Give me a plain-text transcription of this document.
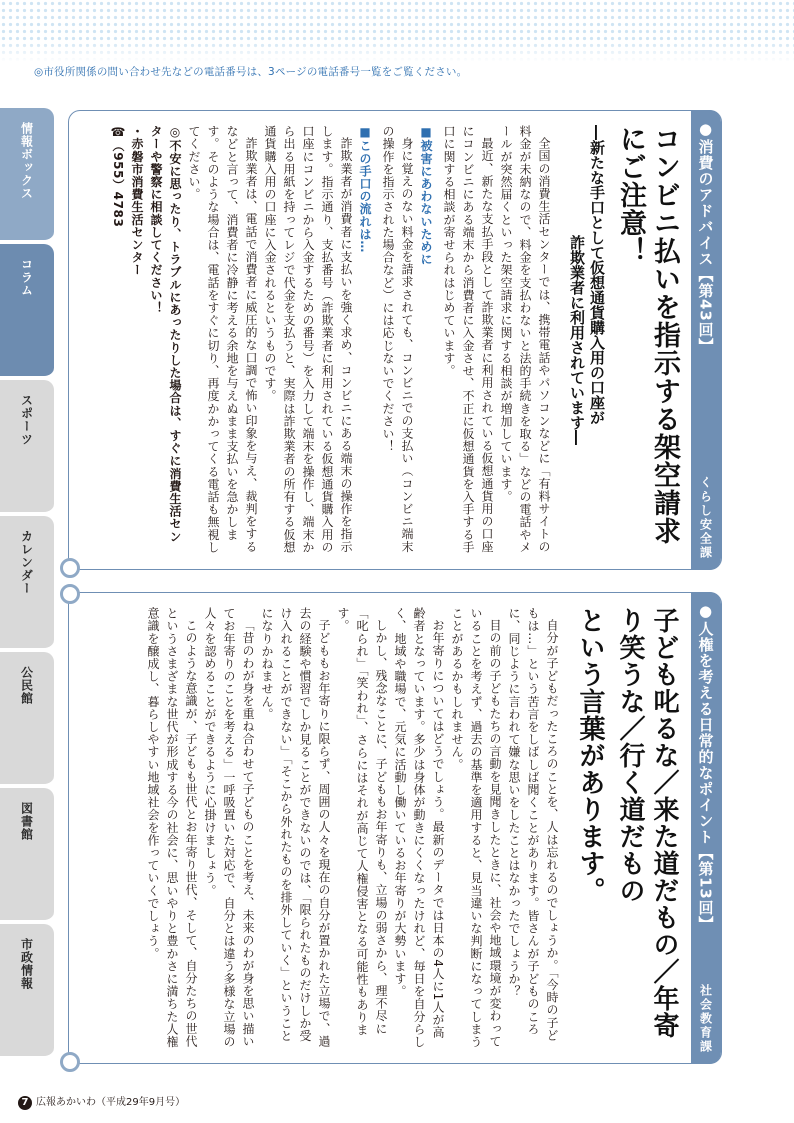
◎市役所関係の問い合わせ先などの電話番号は、3ページの電話番号一覧をご覧ください。
情報ボックス
コラム
スポーツ
カレンダー
公民館
図書館
市政情報
●消費のアドバイス【第43回】
くらし安全課
コンビニ払いを指示する架空請求にご注意！
―新たな手口として仮想通貨購入用の口座が
詐欺業者に利用されています―

全国の消費生活センターでは、携帯電話やパソコンなどに「有料サイトの料金が未納なので、料金を支払わないと法的手続きを取る」などの電話やメールが突然届くといった架空請求に関する相談が増加しています。

最近、新たな支払手段として詐欺業者に利用されている仮想通貨用の口座にコンビニにある端末から消費者に入金させ、不正に仮想通貨を入手する手口に関する相談が寄せられはじめています。

■被害にあわないために

身に覚えのない料金を請求されても、コンビニでの支払い（コンビニ端末の操作を指示された場合など）には応じないでください！

■この手口の流れは…

詐欺業者が消費者に支払いを強く求め、コンビニにある端末の操作を指示します。指示通り、支払番号（詐欺業者に利用されている仮想通貨購入用の口座にコンビニから入金するための番号）を入力して端末を操作し、端末から出る用紙を持ってレジで代金を支払うと、実際は詐欺業者の所有する仮想通貨購入用の口座に入金されるというものです。

詐欺業者は、電話で消費者に威圧的な口調で怖い印象を与え、裁判をするなどと言って、消費者に冷静に考える余地を与えぬまま支払いを急かします。そのような場合は、電話をすぐに切り、再度かかってくる電話も無視してください。

◎不安に思ったり、トラブルにあったりした場合は、すぐに消費生活センターや警察に相談してください！

・赤磐市消費生活センター

☎（955）4783

●人権を考える日常的なポイント【第13回】
社会教育課
子ども叱るな／来た道だもの／年寄り笑うな／行く道だもの
という言葉があります。

自分が子どもだったころのことを、人は忘れるのでしょうか。「今時の子どもは…」という苦言をしばしば聞くことがあります。皆さんが子どものころに、同じように言われて嫌な思いをしたことはなかったでしょうか？

目の前の子どもたちの言動を見聞きしたときに、社会や地域環境が変わっていることを考えず、過去の基準を適用すると、見当違いな判断になってしまうことがあるかもしれません。

お年寄りについてはどうでしょう。最新のデータでは日本の4人に1人が高齢者となっています。多少は身体が動きにくくなったけれど、毎日を自分らしく、地域や職場で、元気に活動し働いているお年寄りが大勢います。

しかし、残念なことに、子どももお年寄りも、立場の弱さから、理不尽に「叱られ」「笑われ」、さらにはそれが高じて人権侵害となる可能性もあります。

子どももお年寄りに限らず、周囲の人々を現在の自分が置かれた立場で、過去の経験や慣習でしか見ることができないのでは、「限られたものだけしか受け入れることができない」「そこから外れたものを排外していく」ということになりかねません。

「昔のわが身を重ね合わせて子どものことを考え、未来のわが身を思い描いてお年寄りのことを考える」一呼吸置いた対応で、自分とは違う多様な立場の人々を認めることができるように心掛けましょう。

このような意識が、子どもも世代とお年寄り世代、そして、自分たちの世代というさまざまな世代が形成する今の社会に、思いやりと豊かさに満ちた人権意識を醸成し、暮らしやすい地域社会を作っていくでしょう。

7 広報あかいわ（平成29年9月号）
